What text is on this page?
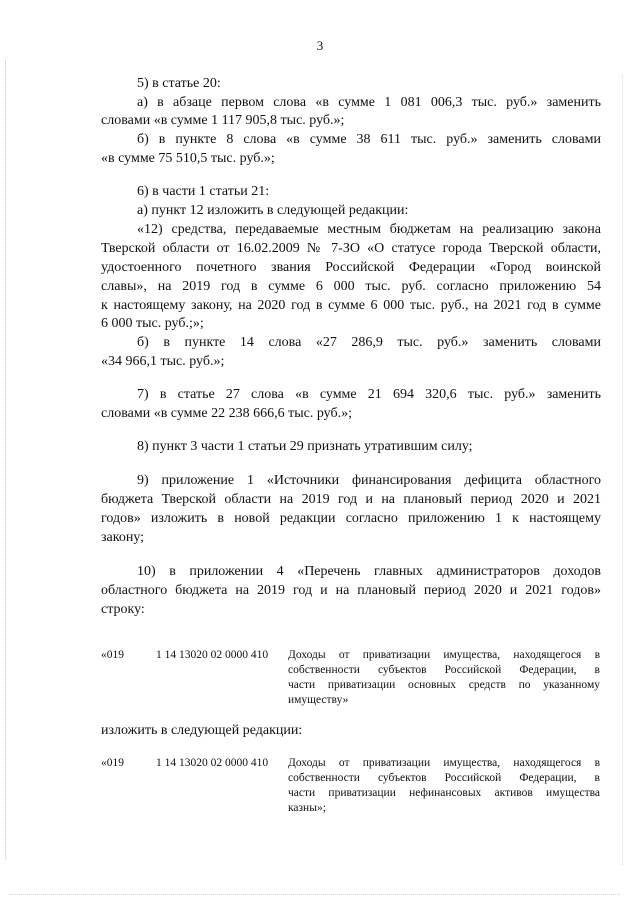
3
5) в статье 20:
а) в абзаце первом слова «в сумме 1 081 006,3 тыс. руб.» заменить
словами «в сумме 1 117 905,8 тыс. руб.»;
б) в пункте 8 слова «в сумме 38 611 тыс. руб.» заменить словами
«в сумме 75 510,5 тыс. руб.»;
6) в части 1 статьи 21:
а) пункт 12 изложить в следующей редакции:
«12) средства, передаваемые местным бюджетам на реализацию закона
Тверской области от 16.02.2009 № 7-ЗО «О статусе города Тверской области,
удостоенного почетного звания Российской Федерации «Город воинской
славы», на 2019 год в сумме 6 000 тыс. руб. согласно приложению 54
к настоящему закону, на 2020 год в сумме 6 000 тыс. руб., на 2021 год в сумме
6 000 тыс. руб.;»;
б) в пункте 14 слова «27 286,9 тыс. руб.» заменить словами
«34 966,1 тыс. руб.»;
7) в статье 27 слова «в сумме 21 694 320,6 тыс. руб.» заменить
словами «в сумме 22 238 666,6 тыс. руб.»;
8) пункт 3 части 1 статьи 29 признать утратившим силу;
9) приложение 1 «Источники финансирования дефицита областного
бюджета Тверской области на 2019 год и на плановый период 2020 и 2021
годов» изложить в новой редакции согласно приложению 1 к настоящему
закону;
10) в приложении 4 «Перечень главных администраторов доходов
областного бюджета на 2019 год и на плановый период 2020 и 2021 годов»
строку:
«019	1 14 13020 02 0000 410 Доходы от приватизации имущества, находящегося в
собственности субъектов Российской Федерации, в
части приватизации основных средств по указанному
имуществу»
изложить в следующей редакции:
«019	1 14 13020 02 0000 410 Доходы от приватизации имущества, находящегося в
собственности субъектов Российской Федерации, в
части приватизации нефинансовых активов имущества
казны»;
